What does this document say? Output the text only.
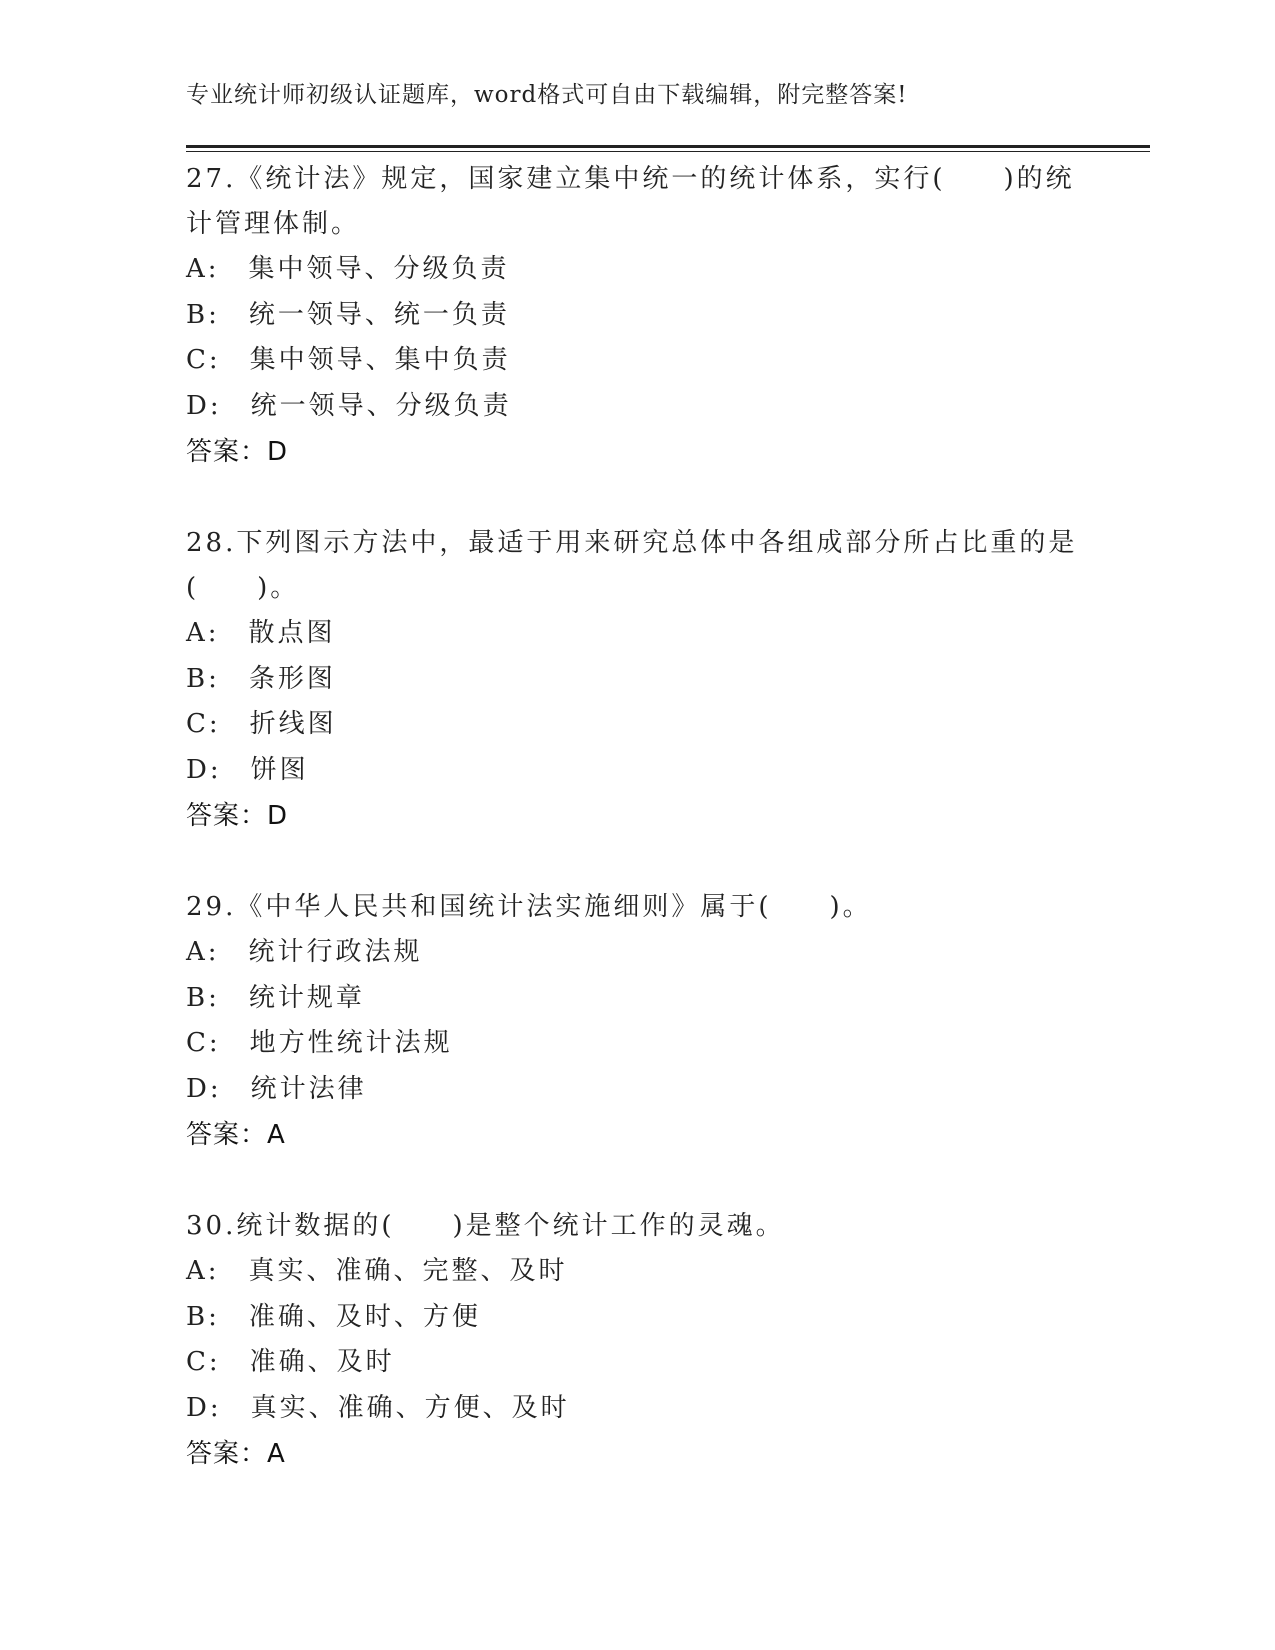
专业统计师初级认证题库，word格式可自由下载编辑，附完整答案!

27.《统计法》规定，国家建立集中统一的统计体系，实行(　　)的统计管理体制。

A:　集中领导、分级负责

B:　统一领导、统一负责

C:　集中领导、集中负责

D:　统一领导、分级负责

答案：D

28.下列图示方法中，最适于用来研究总体中各组成部分所占比重的是(　　)。

A:　散点图

B:　条形图

C:　折线图

D:　饼图

答案：D

29.《中华人民共和国统计法实施细则》属于(　　)。

A:　统计行政法规

B:　统计规章

C:　地方性统计法规

D:　统计法律

答案：A

30.统计数据的(　　)是整个统计工作的灵魂。

A:　真实、准确、完整、及时

B:　准确、及时、方便

C:　准确、及时

D:　真实、准确、方便、及时

答案：A
